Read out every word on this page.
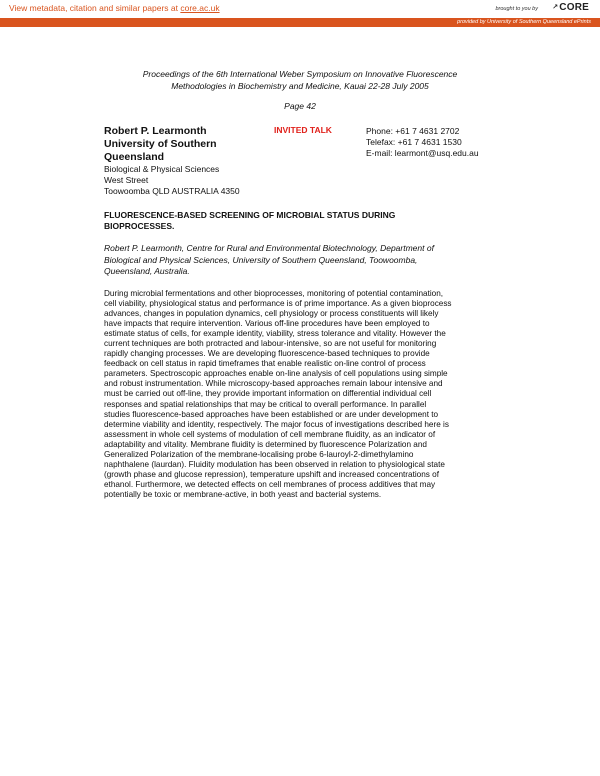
View metadata, citation and similar papers at core.ac.uk	brought to you by ↗CORE
provided by University of Southern Queensland ePrints
Proceedings of the 6th International Weber Symposium on Innovative Fluorescence
Methodologies in Biochemistry and Medicine, Kauai 22-28 July 2005
Page 42
Robert P. Learmonth
University of Southern
Queensland
Biological & Physical Sciences
West Street
Toowoomba QLD AUSTRALIA 4350
INVITED TALK	Phone: +61 7 4631 2702
Telefax: +61 7 4631 1530
E-mail: learmont@usq.edu.au
FLUORESCENCE-BASED SCREENING OF MICROBIAL STATUS DURING
BIOPROCESSES.
Robert P. Learmonth, Centre for Rural and Environmental Biotechnology, Department of
Biological and Physical Sciences, University of Southern Queensland, Toowoomba,
Queensland, Australia.
During microbial fermentations and other bioprocesses, monitoring of potential contamination,
cell viability, physiological status and performance is of prime importance. As a given bioprocess
advances, changes in population dynamics, cell physiology or process constituents will likely
have impacts that require intervention. Various off-line procedures have been employed to
estimate status of cells, for example identity, viability, stress tolerance and vitality. However the
current techniques are both protracted and labour-intensive, so are not useful for monitoring
rapidly changing processes. We are developing fluorescence-based techniques to provide
feedback on cell status in rapid timeframes that enable realistic on-line control of process
parameters. Spectroscopic approaches enable on-line analysis of cell populations using simple
and robust instrumentation. While microscopy-based approaches remain labour intensive and
must be carried out off-line, they provide important information on differential individual cell
responses and spatial relationships that may be critical to overall performance. In parallel
studies fluorescence-based approaches have been established or are under development to
determine viability and identity, respectively. The major focus of investigations described here is
assessment in whole cell systems of modulation of cell membrane fluidity, as an indicator of
adaptability and vitality. Membrane fluidity is determined by fluorescence Polarization and
Generalized Polarization of the membrane-localising probe 6-lauroyl-2-dimethylamino
naphthalene (laurdan). Fluidity modulation has been observed in relation to physiological state
(growth phase and glucose repression), temperature upshift and increased concentrations of
ethanol. Furthermore, we detected effects on cell membranes of process additives that may
potentially be toxic or membrane-active, in both yeast and bacterial systems.
